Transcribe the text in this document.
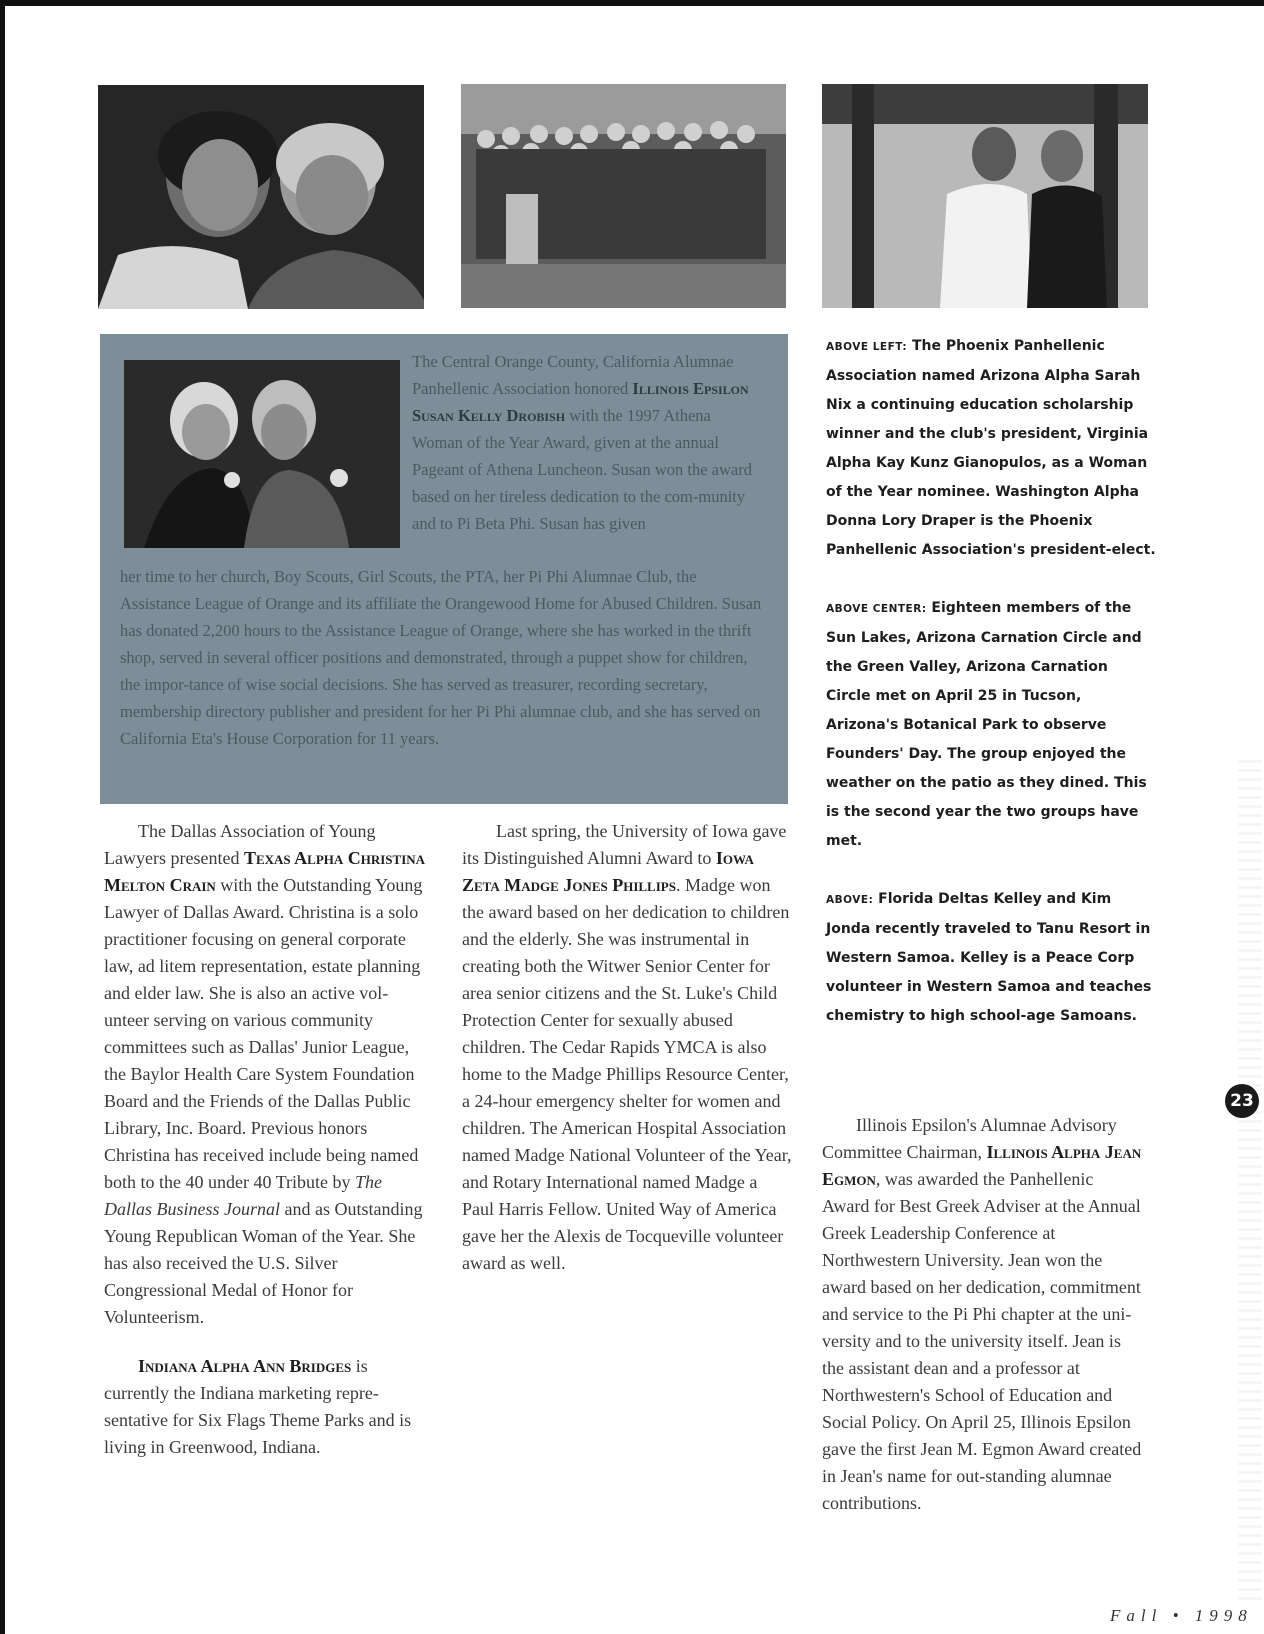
The Central Orange County, California Alumnae Panhellenic Association honored Illinois Epsilon Susan Kelly Drobish with the 1997 Athena Woman of the Year Award, given at the annual Pageant of Athena Luncheon. Susan won the award based on her tireless dedication to the com-munity and to Pi Beta Phi. Susan has given
her time to her church, Boy Scouts, Girl Scouts, the PTA, her Pi Phi Alumnae Club, the Assistance League of Orange and its affiliate the Orangewood Home for Abused Children. Susan has donated 2,200 hours to the Assistance League of Orange, where she has worked in the thrift shop, served in several officer positions and demonstrated, through a puppet show for children, the impor-tance of wise social decisions. She has served as treasurer, recording secretary, membership directory publisher and president for her Pi Phi alumnae club, and she has served on California Eta's House Corporation for 11 years.

The Dallas Association of Young Lawyers presented Texas Alpha Christina Melton Crain with the Outstanding Young Lawyer of Dallas Award. Christina is a solo practitioner focusing on general corporate law, ad litem representation, estate planning and elder law. She is also an active vol-unteer serving on various community committees such as Dallas' Junior League, the Baylor Health Care System Foundation Board and the Friends of the Dallas Public Library, Inc. Board. Previous honors Christina has received include being named both to the 40 under 40 Tribute by The Dallas Business Journal and as Outstanding Young Republican Woman of the Year. She has also received the U.S. Silver Congressional Medal of Honor for Volunteerism.

Indiana Alpha Ann Bridges is currently the Indiana marketing repre-sentative for Six Flags Theme Parks and is living in Greenwood, Indiana.

Last spring, the University of Iowa gave its Distinguished Alumni Award to Iowa Zeta Madge Jones Phillips. Madge won the award based on her dedication to children and the elderly. She was instrumental in creating both the Witwer Senior Center for area senior citizens and the St. Luke's Child Protection Center for sexually abused children. The Cedar Rapids YMCA is also home to the Madge Phillips Resource Center, a 24-hour emergency shelter for women and children. The American Hospital Association named Madge National Volunteer of the Year, and Rotary International named Madge a Paul Harris Fellow. United Way of America gave her the Alexis de Tocqueville volunteer award as well.

ABOVE LEFT: The Phoenix Panhellenic Association named Arizona Alpha Sarah Nix a continuing education scholarship winner and the club's president, Virginia Alpha Kay Kunz Gianopulos, as a Woman of the Year nominee. Washington Alpha Donna Lory Draper is the Phoenix Panhellenic Association's president-elect.

ABOVE CENTER: Eighteen members of the Sun Lakes, Arizona Carnation Circle and the Green Valley, Arizona Carnation Circle met on April 25 in Tucson, Arizona's Botanical Park to observe Founders' Day. The group enjoyed the weather on the patio as they dined. This is the second year the two groups have met.

ABOVE: Florida Deltas Kelley and Kim Jonda recently traveled to Tanu Resort in Western Samoa. Kelley is a Peace Corp volunteer in Western Samoa and teaches chemistry to high school-age Samoans.

Illinois Epsilon's Alumnae Advisory Committee Chairman, Illinois Alpha Jean Egmon, was awarded the Panhellenic Award for Best Greek Adviser at the Annual Greek Leadership Conference at Northwestern University. Jean won the award based on her dedication, commitment and service to the Pi Phi chapter at the uni-versity and to the university itself. Jean is the assistant dean and a professor at Northwestern's School of Education and Social Policy. On April 25, Illinois Epsilon gave the first Jean M. Egmon Award created in Jean's name for out-standing alumnae contributions.

23
Fall • 1998
